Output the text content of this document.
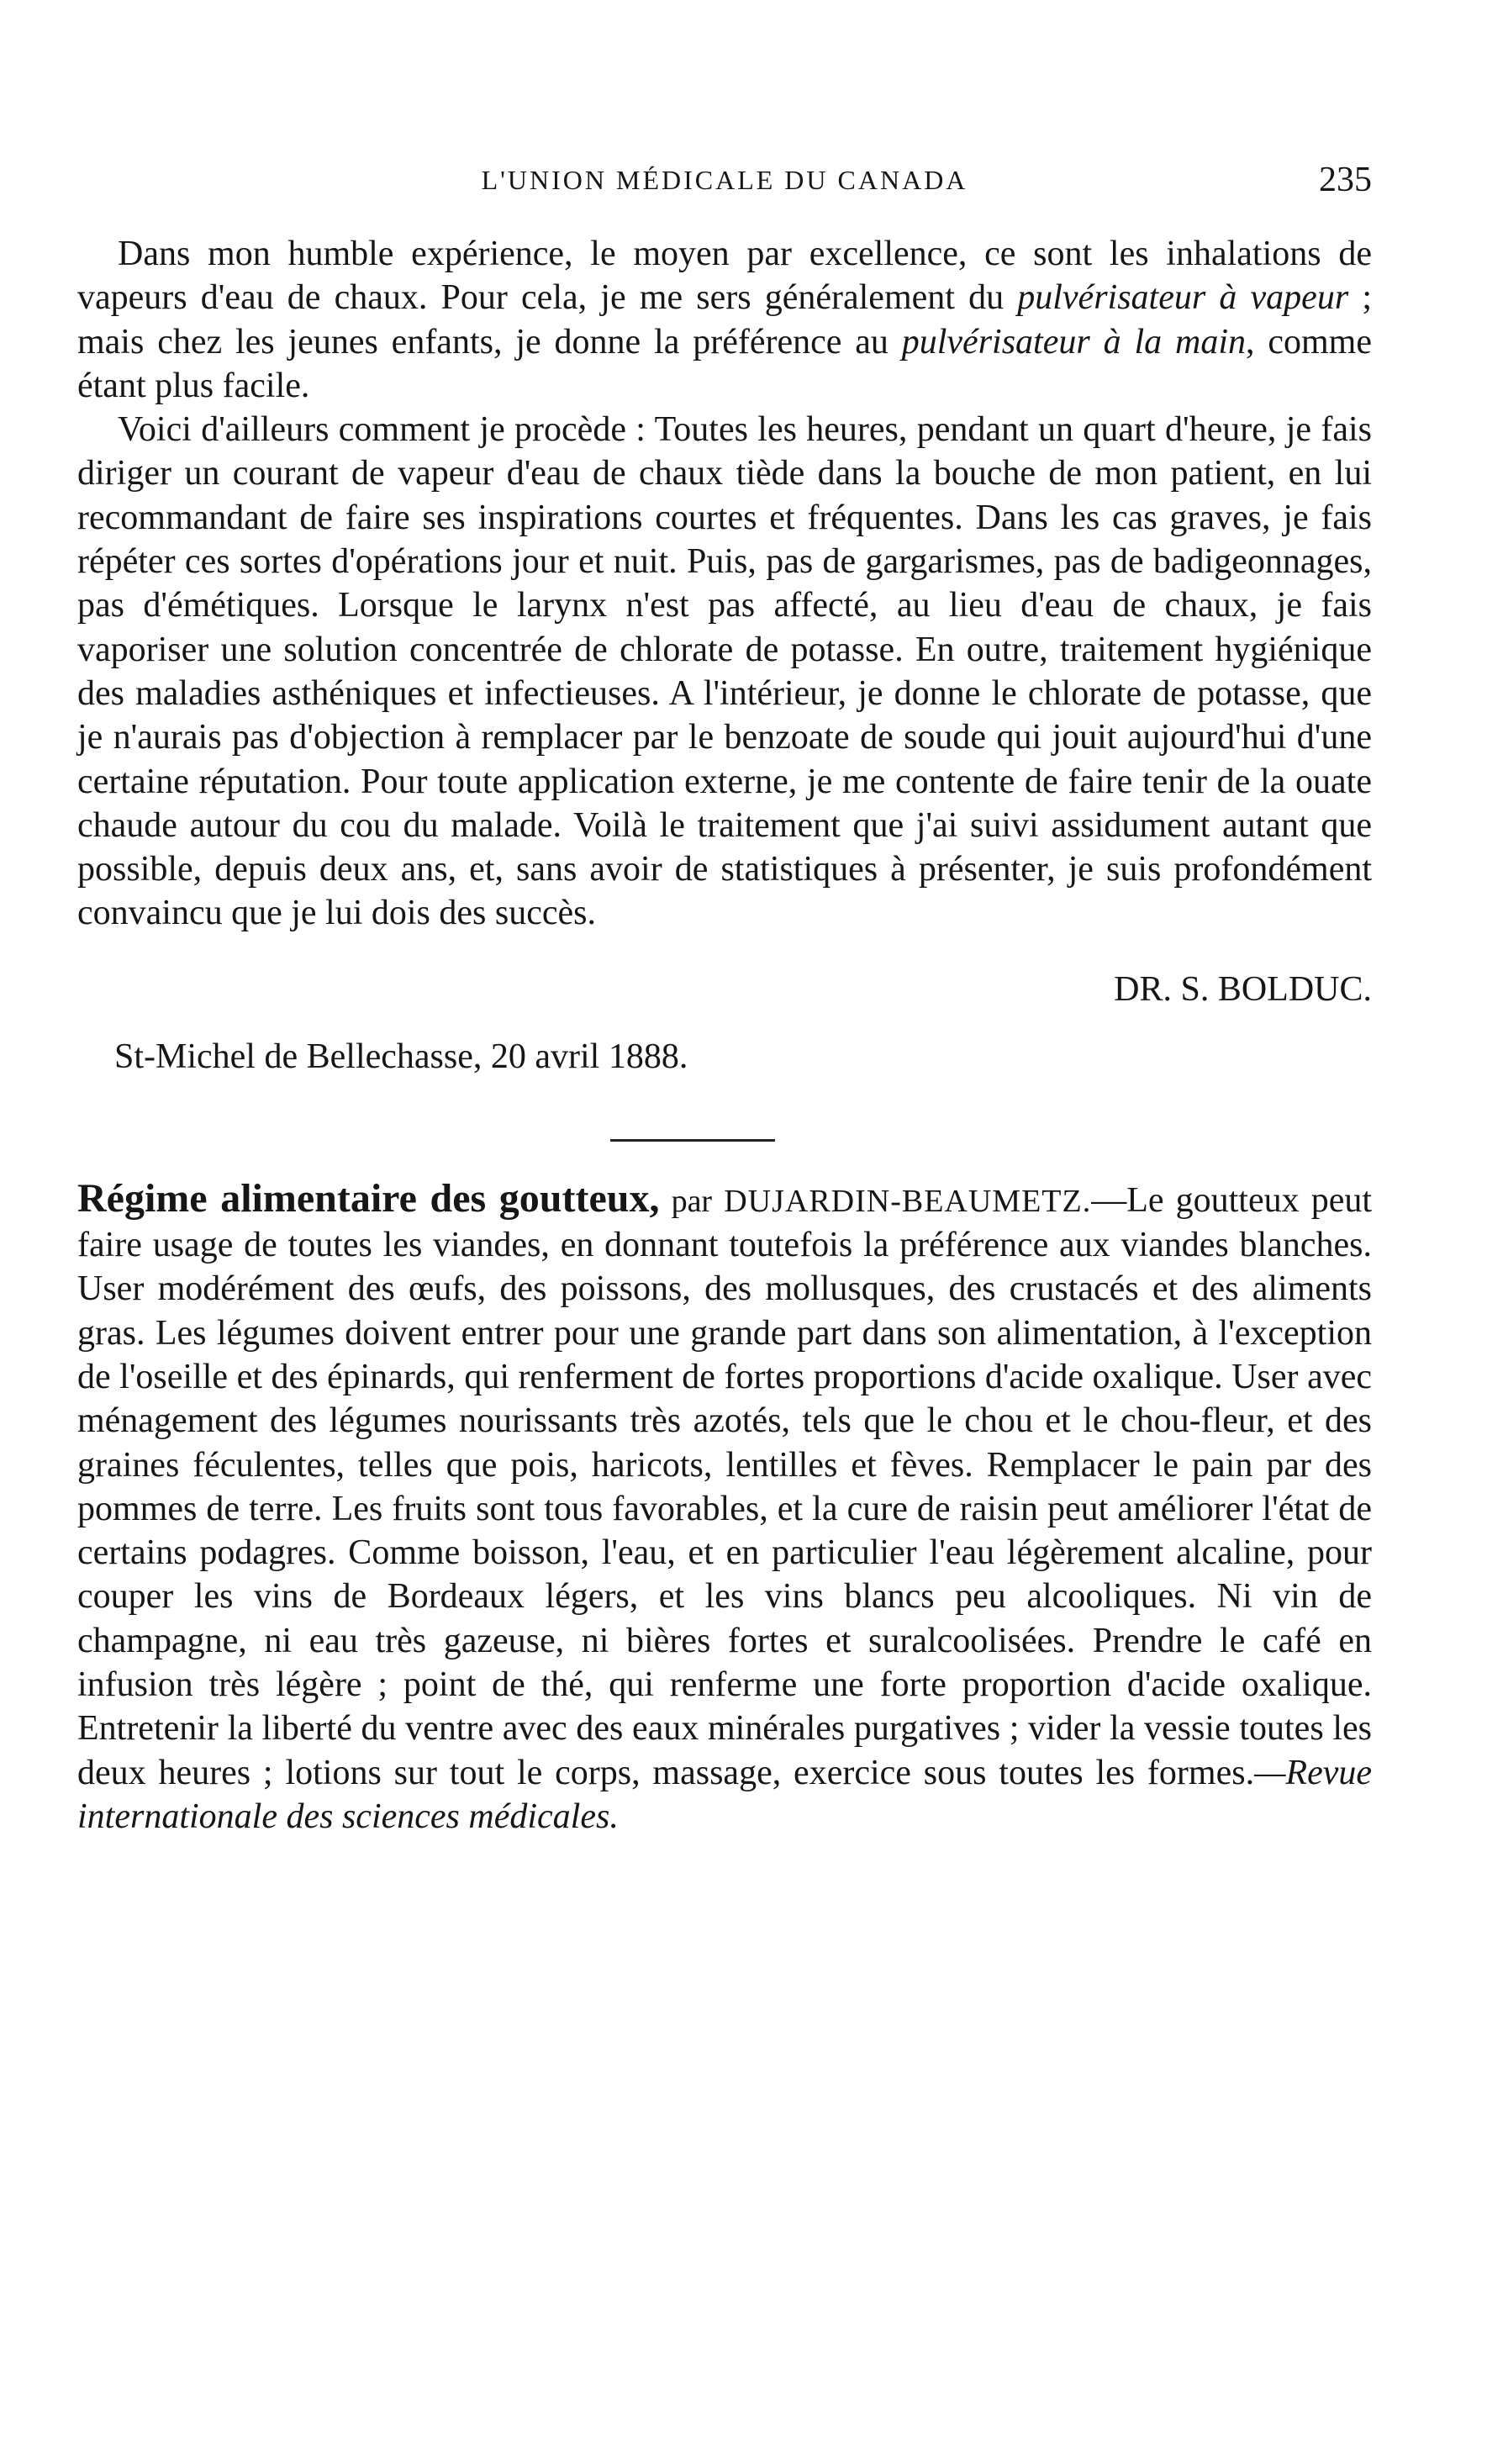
L'UNION MÉDICALE DU CANADA	235

Dans mon humble expérience, le moyen par excellence, ce sont les inhalations de vapeurs d'eau de chaux. Pour cela, je me sers généralement du pulvérisateur à vapeur ; mais chez les jeunes enfants, je donne la préférence au pulvérisateur à la main, comme étant plus facile.

Voici d'ailleurs comment je procède : Toutes les heures, pendant un quart d'heure, je fais diriger un courant de vapeur d'eau de chaux tiède dans la bouche de mon patient, en lui recommandant de faire ses inspirations courtes et fréquentes. Dans les cas graves, je fais répéter ces sortes d'opérations jour et nuit. Puis, pas de gargarismes, pas de badigeonnages, pas d'émétiques. Lorsque le larynx n'est pas affecté, au lieu d'eau de chaux, je fais vaporiser une solution concentrée de chlorate de potasse. En outre, traitement hygiénique des maladies asthéniques et infectieuses. A l'intérieur, je donne le chlorate de potasse, que je n'aurais pas d'objection à remplacer par le benzoate de soude qui jouit aujourd'hui d'une certaine réputation. Pour toute application externe, je me contente de faire tenir de la ouate chaude autour du cou du malade. Voilà le traitement que j'ai suivi assidument autant que possible, depuis deux ans, et, sans avoir de statistiques à présenter, je suis profondément convaincu que je lui dois des succès.

DR. S. BOLDUC.
St-Michel de Bellechasse, 20 avril 1888.

Régime alimentaire des goutteux, par DUJARDIN-BEAUMETZ.—Le goutteux peut faire usage de toutes les viandes, en donnant toutefois la préférence aux viandes blanches. User modérément des œufs, des poissons, des mollusques, des crustacés et des aliments gras. Les légumes doivent entrer pour une grande part dans son alimentation, à l'exception de l'oseille et des épinards, qui renferment de fortes proportions d'acide oxalique. User avec ménagement des légumes nourissants très azotés, tels que le chou et le chou-fleur, et des graines féculentes, telles que pois, haricots, lentilles et fèves. Remplacer le pain par des pommes de terre. Les fruits sont tous favorables, et la cure de raisin peut améliorer l'état de certains podagres. Comme boisson, l'eau, et en particulier l'eau légèrement alcaline, pour couper les vins de Bordeaux légers, et les vins blancs peu alcooliques. Ni vin de champagne, ni eau très gazeuse, ni bières fortes et suralcoolisées. Prendre le café en infusion très légère ; point de thé, qui renferme une forte proportion d'acide oxalique. Entretenir la liberté du ventre avec des eaux minérales purgatives ; vider la vessie toutes les deux heures ; lotions sur tout le corps, massage, exercice sous toutes les formes.—Revue internationale des sciences médicales.
